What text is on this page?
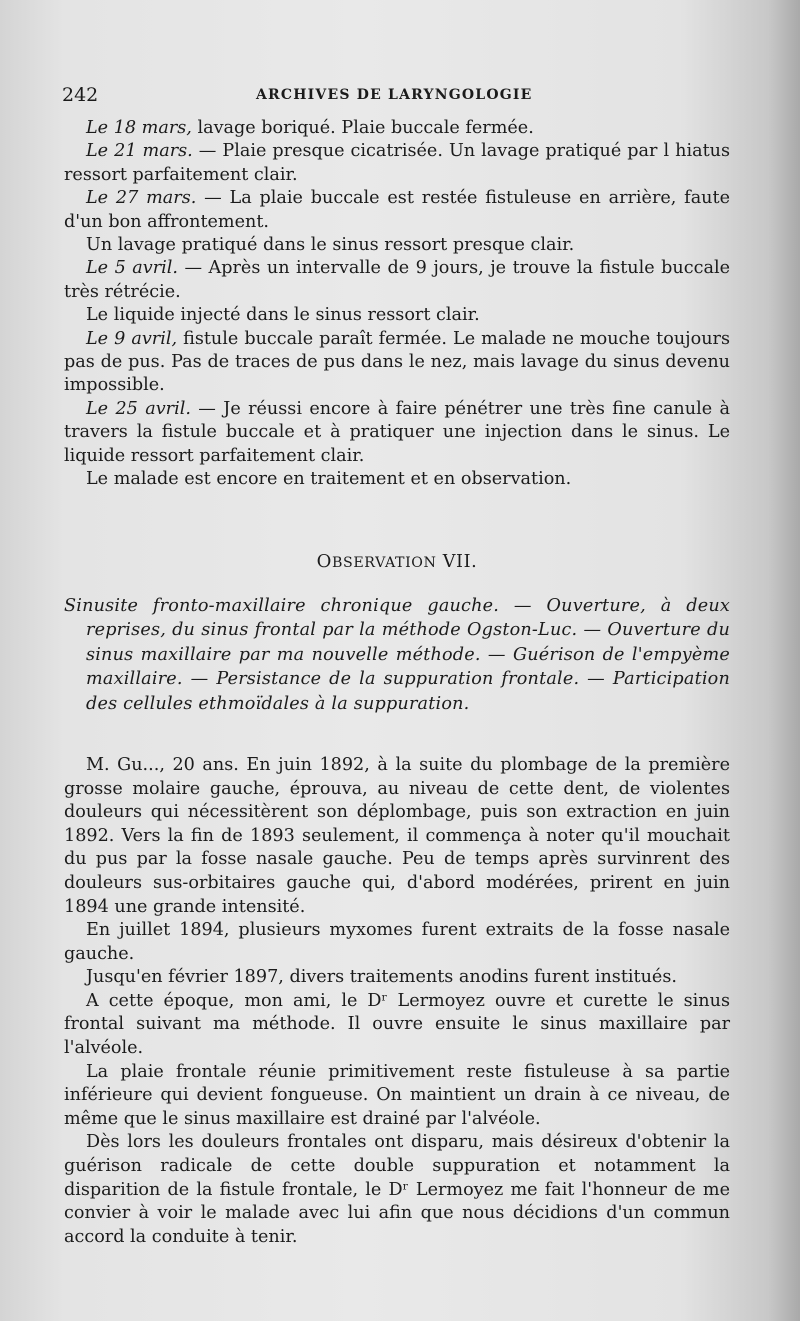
242	ARCHIVES DE LARYNGOLOGIE

Le 18 mars, lavage boriqué. Plaie buccale fermée.

Le 21 mars. — Plaie presque cicatrisée. Un lavage pratiqué par l hiatus ressort parfaitement clair.

Le 27 mars. — La plaie buccale est restée fistuleuse en arrière, faute d'un bon affrontement.

Un lavage pratiqué dans le sinus ressort presque clair.

Le 5 avril. — Après un intervalle de 9 jours, je trouve la fistule buccale très rétrécie.

Le liquide injecté dans le sinus ressort clair.

Le 9 avril, fistule buccale paraît fermée. Le malade ne mouche toujours pas de pus. Pas de traces de pus dans le nez, mais lavage du sinus devenu impossible.

Le 25 avril. — Je réussi encore à faire pénétrer une très fine canule à travers la fistule buccale et à pratiquer une injection dans le sinus. Le liquide ressort parfaitement clair.

Le malade est encore en traitement et en observation.

OBSERVATION VII.
Sinusite fronto-maxillaire chronique gauche. — Ouverture, à deux reprises, du sinus frontal par la méthode Ogston-Luc. — Ouverture du sinus maxillaire par ma nouvelle méthode. — Guérison de l'empyème maxillaire. — Persistance de la suppuration frontale. — Participation des cellules ethmoïdales à la suppuration.

M. Gu..., 20 ans. En juin 1892, à la suite du plombage de la première grosse molaire gauche, éprouva, au niveau de cette dent, de violentes douleurs qui nécessitèrent son déplombage, puis son extraction en juin 1892. Vers la fin de 1893 seulement, il commença à noter qu'il mouchait du pus par la fosse nasale gauche. Peu de temps après survinrent des douleurs sus-orbitaires gauche qui, d'abord modérées, prirent en juin 1894 une grande intensité.

En juillet 1894, plusieurs myxomes furent extraits de la fosse nasale gauche.

Jusqu'en février 1897, divers traitements anodins furent institués.

A cette époque, mon ami, le Dʳ Lermoyez ouvre et curette le sinus frontal suivant ma méthode. Il ouvre ensuite le sinus maxillaire par l'alvéole.

La plaie frontale réunie primitivement reste fistuleuse à sa partie inférieure qui devient fongueuse. On maintient un drain à ce niveau, de même que le sinus maxillaire est drainé par l'alvéole.

Dès lors les douleurs frontales ont disparu, mais désireux d'obtenir la guérison radicale de cette double suppuration et notamment la disparition de la fistule frontale, le Dʳ Lermoyez me fait l'honneur de me convier à voir le malade avec lui afin que nous décidions d'un commun accord la conduite à tenir.
